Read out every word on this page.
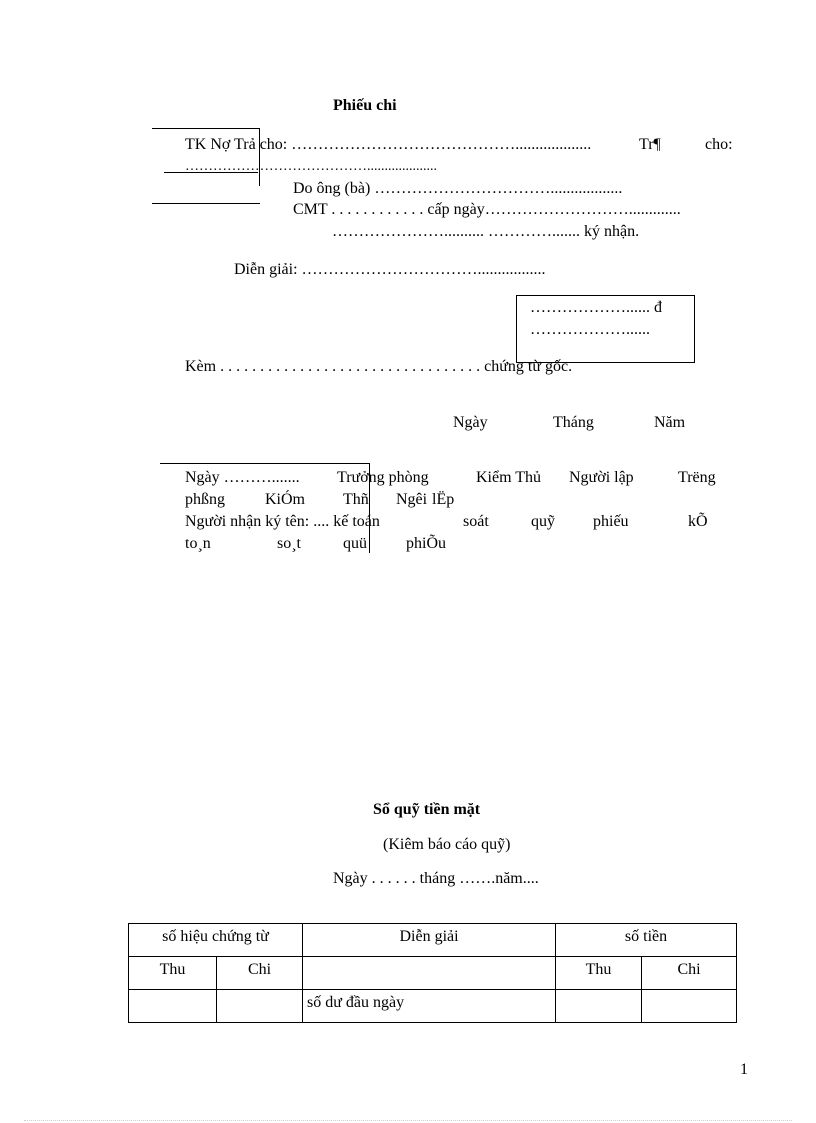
Phiếu chi
TK Nợ Trả cho: ……………………………………...................	Tr¶	cho:
…………………………………....................
Do ông (bà) ……………………………..................
CMT . . . . . . . . . . . . cấp ngày……………………….............
………………….......... …………....... ký nhận.
Diễn giải: …………………………….................
………………...... đ
………………......
Kèm . . . . . . . . . . . . . . . . . . . . . . . . . . . . . . . . . chứng từ gốc.
Ngày	Tháng	Năm
Ngày ………....... Trưởng phòng	Kiểm Thủ Người lập	Trëng
phßng	KiÓm Thñ Ngêi lËp
Người nhận ký tên: .... kế toán	soát	quỹ phiếu	kÕ
to¸n	so¸t	quü phiÕu
Sổ quỹ tiền mặt
(Kiêm báo cáo quỹ)
Ngày . . . . . . tháng …….năm....
số hiệu chứng từ		Diễn giải	số tiền	
Thu	Chi		Thu	Chi
		số dư đầu ngày		
1
